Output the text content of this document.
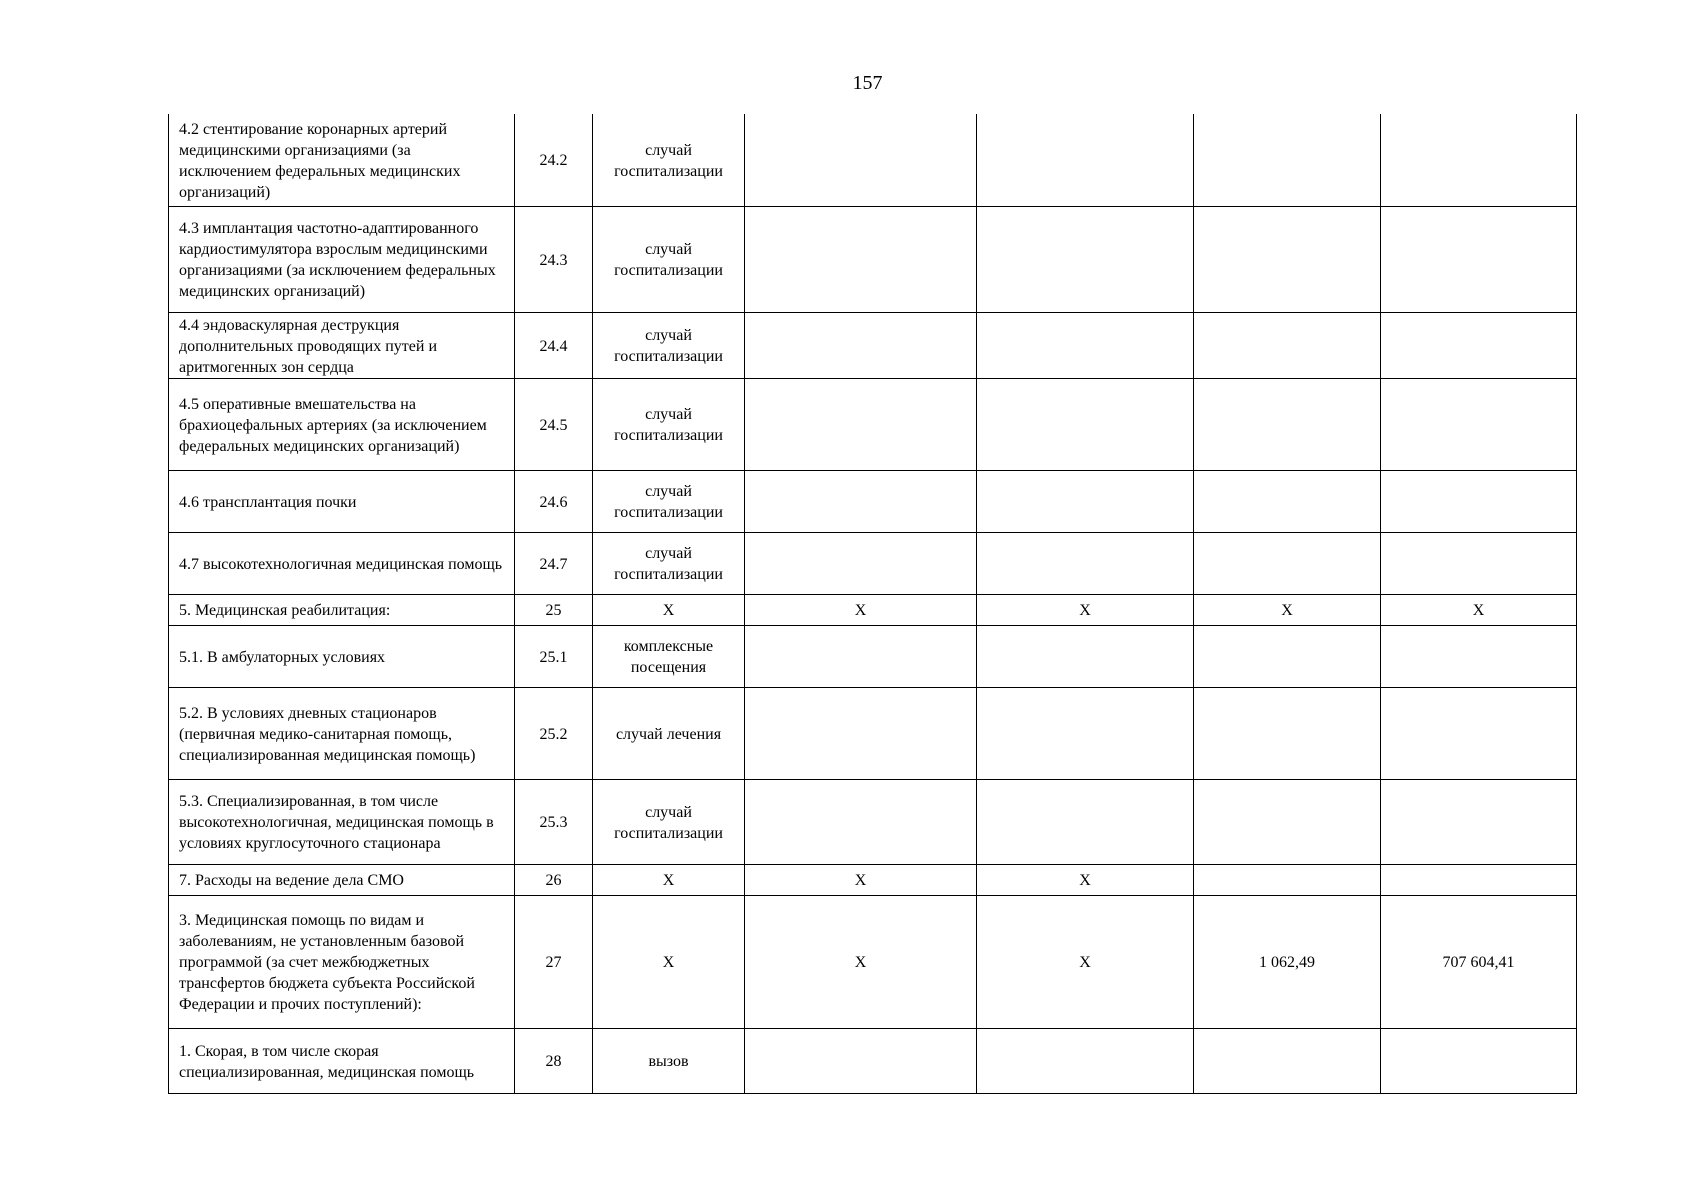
157
4.2 стентирование коронарных артерий медицинскими организациями (за исключением федеральных медицинских организаций)	24.2	случай госпитализации				
4.3 имплантация частотно-адаптированного кардиостимулятора взрослым медицинскими организациями (за исключением федеральных медицинских организаций)	24.3	случай госпитализации				
4.4 эндоваскулярная деструкция дополнительных проводящих путей и аритмогенных зон сердца	24.4	случай госпитализации				
4.5 оперативные вмешательства на брахиоцефальных артериях (за исключением федеральных медицинских организаций)	24.5	случай госпитализации				
4.6 трансплантация почки	24.6	случай госпитализации				
4.7 высокотехнологичная медицинская помощь	24.7	случай госпитализации				
5. Медицинская реабилитация:	25	Х	Х	Х	Х	Х
5.1. В амбулаторных условиях	25.1	комплексные посещения				
5.2. В условиях дневных стационаров (первичная медико-санитарная помощь, специализированная медицинская помощь)	25.2	случай лечения				
5.3. Специализированная, в том числе высокотехнологичная, медицинская помощь в условиях круглосуточного стационара	25.3	случай госпитализации				
7. Расходы на ведение дела СМО	26	Х	Х	Х		
3. Медицинская помощь по видам и заболеваниям, не установленным базовой программой (за счет межбюджетных трансфертов бюджета субъекта Российской Федерации и прочих поступлений):	27	Х	Х	Х	1 062,49	707 604,41
1. Скорая, в том числе скорая специализированная, медицинская помощь	28	вызов				
